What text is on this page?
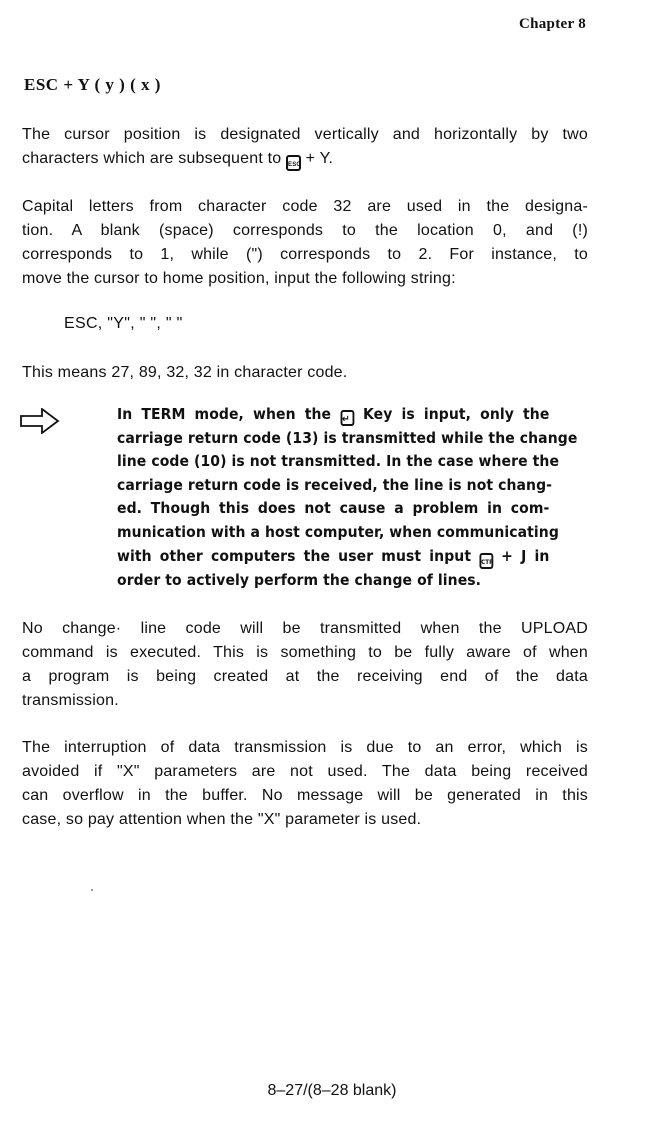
Chapter 8
ESC + Y ( y ) ( x )
The cursor position is designated vertically and horizontally by two
characters which are subsequent to ESC + Y.
Capital letters from character code 32 are used in the designa-
tion. A blank (space) corresponds to the location 0, and (!)
corresponds to 1, while (") corresponds to 2. For instance, to
move the cursor to home position, input the following string:
ESC, "Y", " ", " "
This means 27, 89, 32, 32 in character code.
In TERM mode, when the ↵ Key is input, only the
carriage return code (13) is transmitted while the change
line code (10) is not transmitted. In the case where the
carriage return code is received, the line is not chang-
ed. Though this does not cause a problem in com-
munication with a host computer, when communicating
with other computers the user must input CTR + J in
order to actively perform the change of lines.
No change· line code will be transmitted when the UPLOAD
command is executed. This is something to be fully aware of when
a program is being created at the receiving end of the data
transmission.
The interruption of data transmission is due to an error, which is
avoided if "X" parameters are not used. The data being received
can overflow in the buffer. No message will be generated in this
case, so pay attention when the "X" parameter is used.
8–27/(8–28 blank)
